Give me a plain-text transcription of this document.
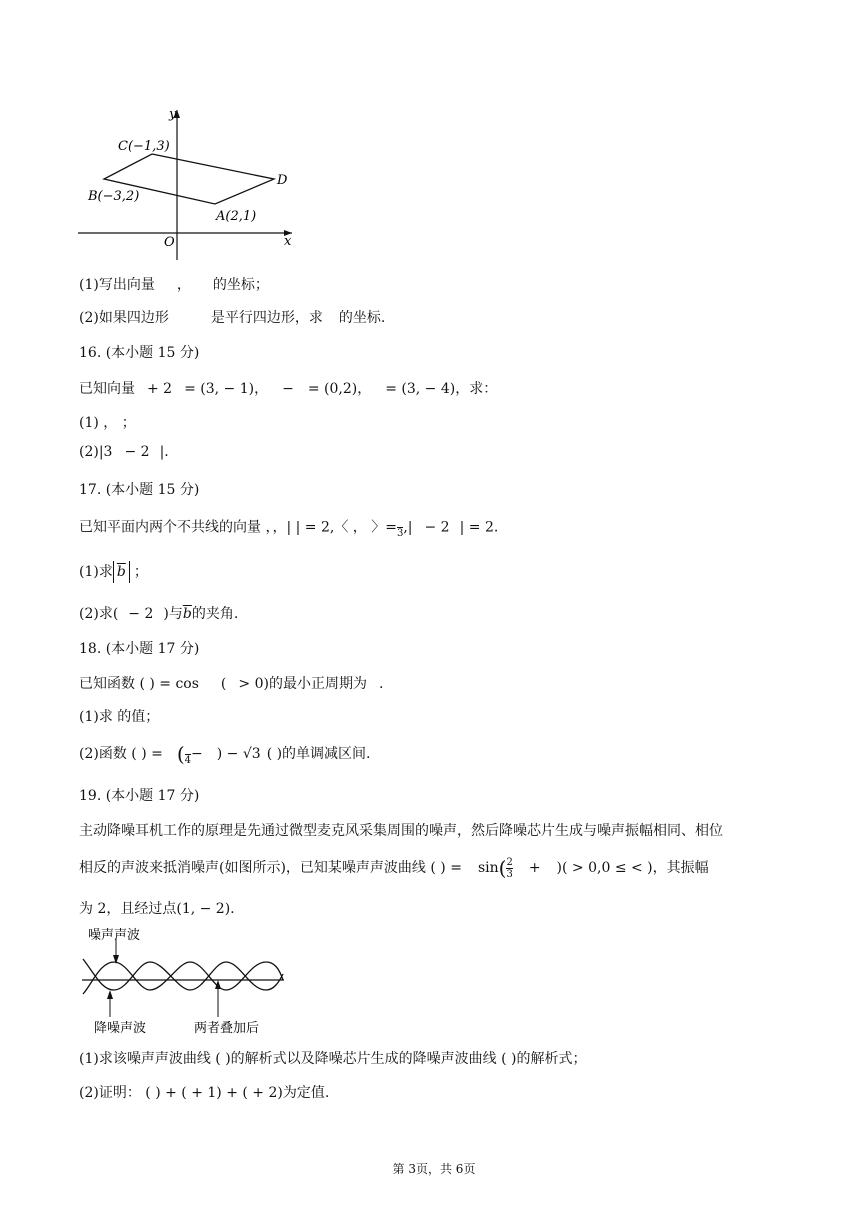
y
x
O
C(−1,3)
B(−3,2)
A(2,1)
D
(1)写出向量 ， 的坐标；
(2)如果四边形	是平行四边形，求 的坐标.
16. (本小题 15 分)
已知向量 + 2 = (3, − 1)， − = (0,2)， = (3, − 4)，求：
(1) ， ；
(2)|3 − 2 |.
17. (本小题 15 分)
已知平面内两个不共线的向量 ，，| | = 2,〈 ， 〉=
3 ,| − 2 | = 2.
(1)求 $\overline{b}$ ；
(2)求( − 2 )与$\overline{b}$的夹角.
18. (本小题 17 分)
已知函数 ( ) = cos ( > 0)的最小正周期为 .
(1)求 的值；
(2)函数 ( ) = (
4 − ) − √3 ( )的单调减区间.
19. (本小题 17 分)
主动降噪耳机工作的原理是先通过微型麦克风采集周围的噪声，然后降噪芯片生成与噪声振幅相同、相位
相反的声波来抵消噪声(如图所示)，已知某噪声声波曲线 ( ) = $\sin( \frac{2}{3}$ + )( > 0,0 ≤ < )，其振幅
为 2，且经过点(1, − 2).
噪声声波
降噪声波	两者叠加后
(1)求该噪声声波曲线 ( )的解析式以及降噪芯片生成的降噪声波曲线 ( )的解析式；
(2)证明： ( ) + ( + 1) + ( + 2)为定值.
第 3页，共 6页
